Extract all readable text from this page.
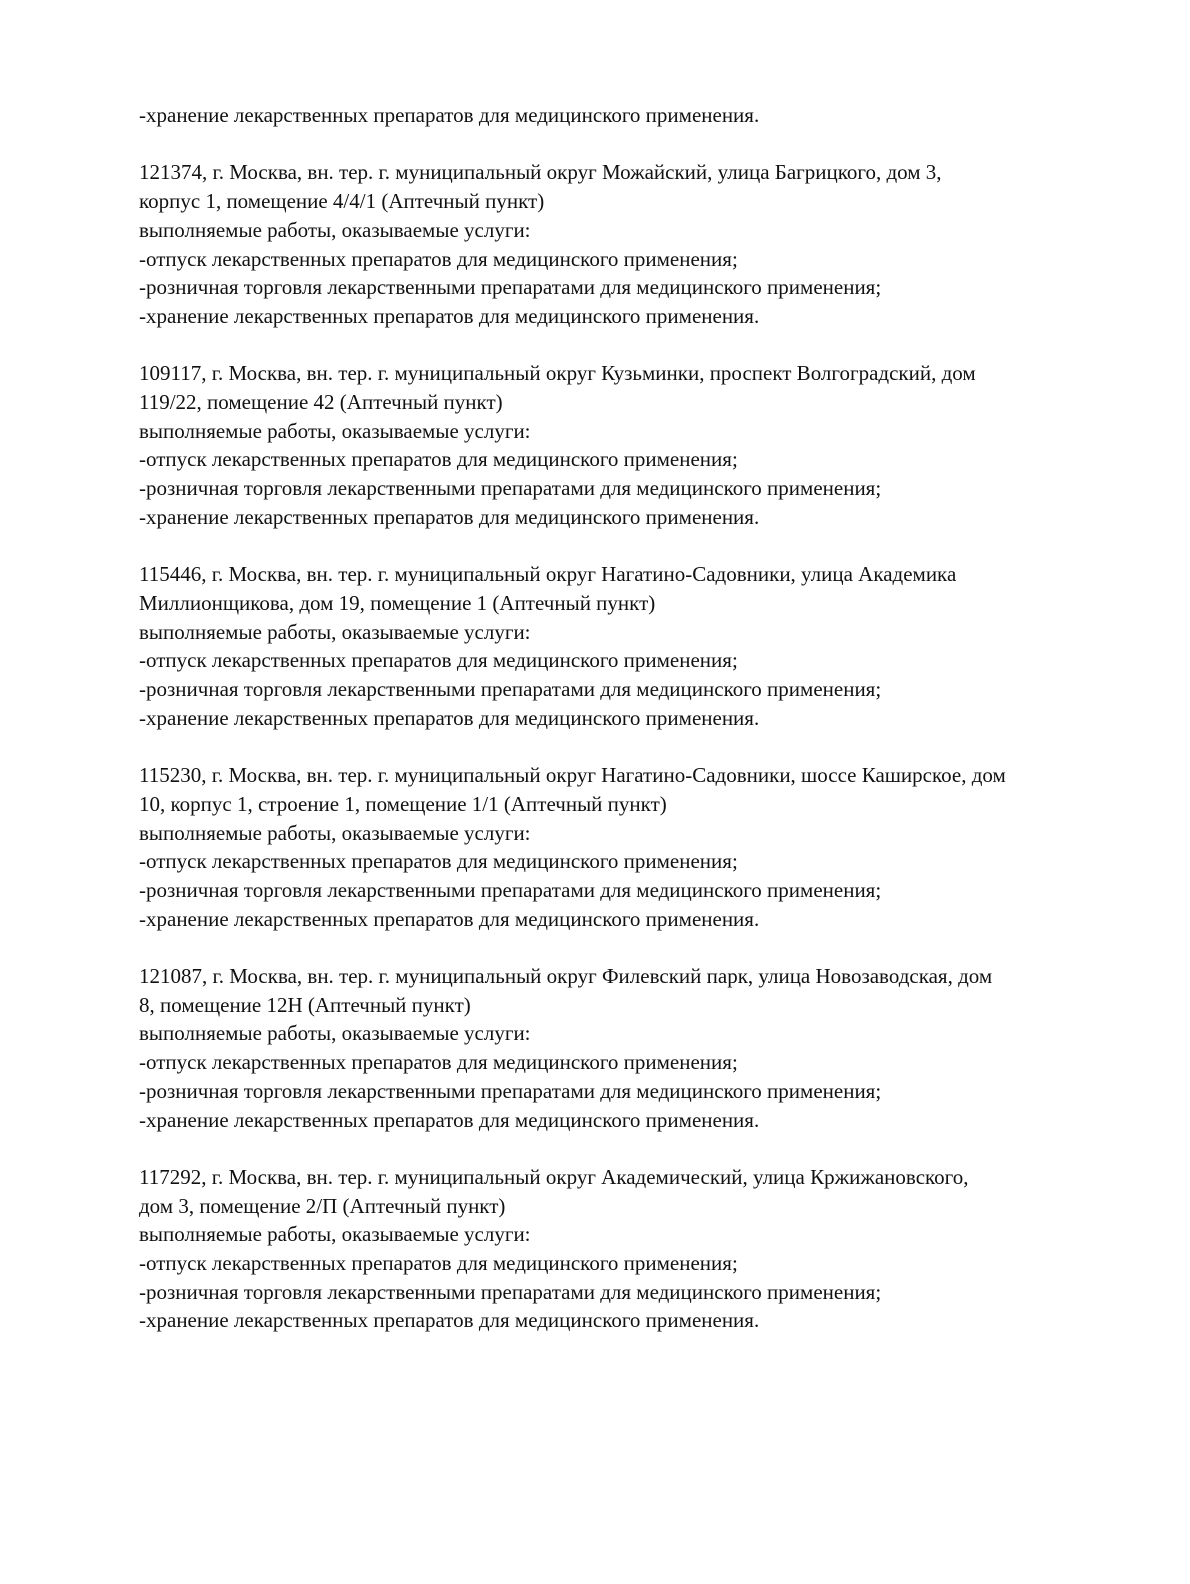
-хранение лекарственных препаратов для медицинского применения.
121374, г. Москва, вн. тер. г. муниципальный округ Можайский, улица Багрицкого, дом 3,
корпус 1, помещение 4/4/1 (Аптечный пункт)
выполняемые работы, оказываемые услуги:
-отпуск лекарственных препаратов для медицинского применения;
-розничная торговля лекарственными препаратами для медицинского применения;
-хранение лекарственных препаратов для медицинского применения.
109117, г. Москва, вн. тер. г. муниципальный округ Кузьминки, проспект Волгоградский, дом
119/22, помещение 42 (Аптечный пункт)
выполняемые работы, оказываемые услуги:
-отпуск лекарственных препаратов для медицинского применения;
-розничная торговля лекарственными препаратами для медицинского применения;
-хранение лекарственных препаратов для медицинского применения.
115446, г. Москва, вн. тер. г. муниципальный округ Нагатино-Садовники, улица Академика
Миллионщикова, дом 19, помещение 1 (Аптечный пункт)
выполняемые работы, оказываемые услуги:
-отпуск лекарственных препаратов для медицинского применения;
-розничная торговля лекарственными препаратами для медицинского применения;
-хранение лекарственных препаратов для медицинского применения.
115230, г. Москва, вн. тер. г. муниципальный округ Нагатино-Садовники, шоссе Каширское, дом
10, корпус 1, строение 1, помещение 1/1 (Аптечный пункт)
выполняемые работы, оказываемые услуги:
-отпуск лекарственных препаратов для медицинского применения;
-розничная торговля лекарственными препаратами для медицинского применения;
-хранение лекарственных препаратов для медицинского применения.
121087, г. Москва, вн. тер. г. муниципальный округ Филевский парк, улица Новозаводская, дом
8, помещение 12Н (Аптечный пункт)
выполняемые работы, оказываемые услуги:
-отпуск лекарственных препаратов для медицинского применения;
-розничная торговля лекарственными препаратами для медицинского применения;
-хранение лекарственных препаратов для медицинского применения.
117292, г. Москва, вн. тер. г. муниципальный округ Академический, улица Кржижановского,
дом 3, помещение 2/П (Аптечный пункт)
выполняемые работы, оказываемые услуги:
-отпуск лекарственных препаратов для медицинского применения;
-розничная торговля лекарственными препаратами для медицинского применения;
-хранение лекарственных препаратов для медицинского применения.
